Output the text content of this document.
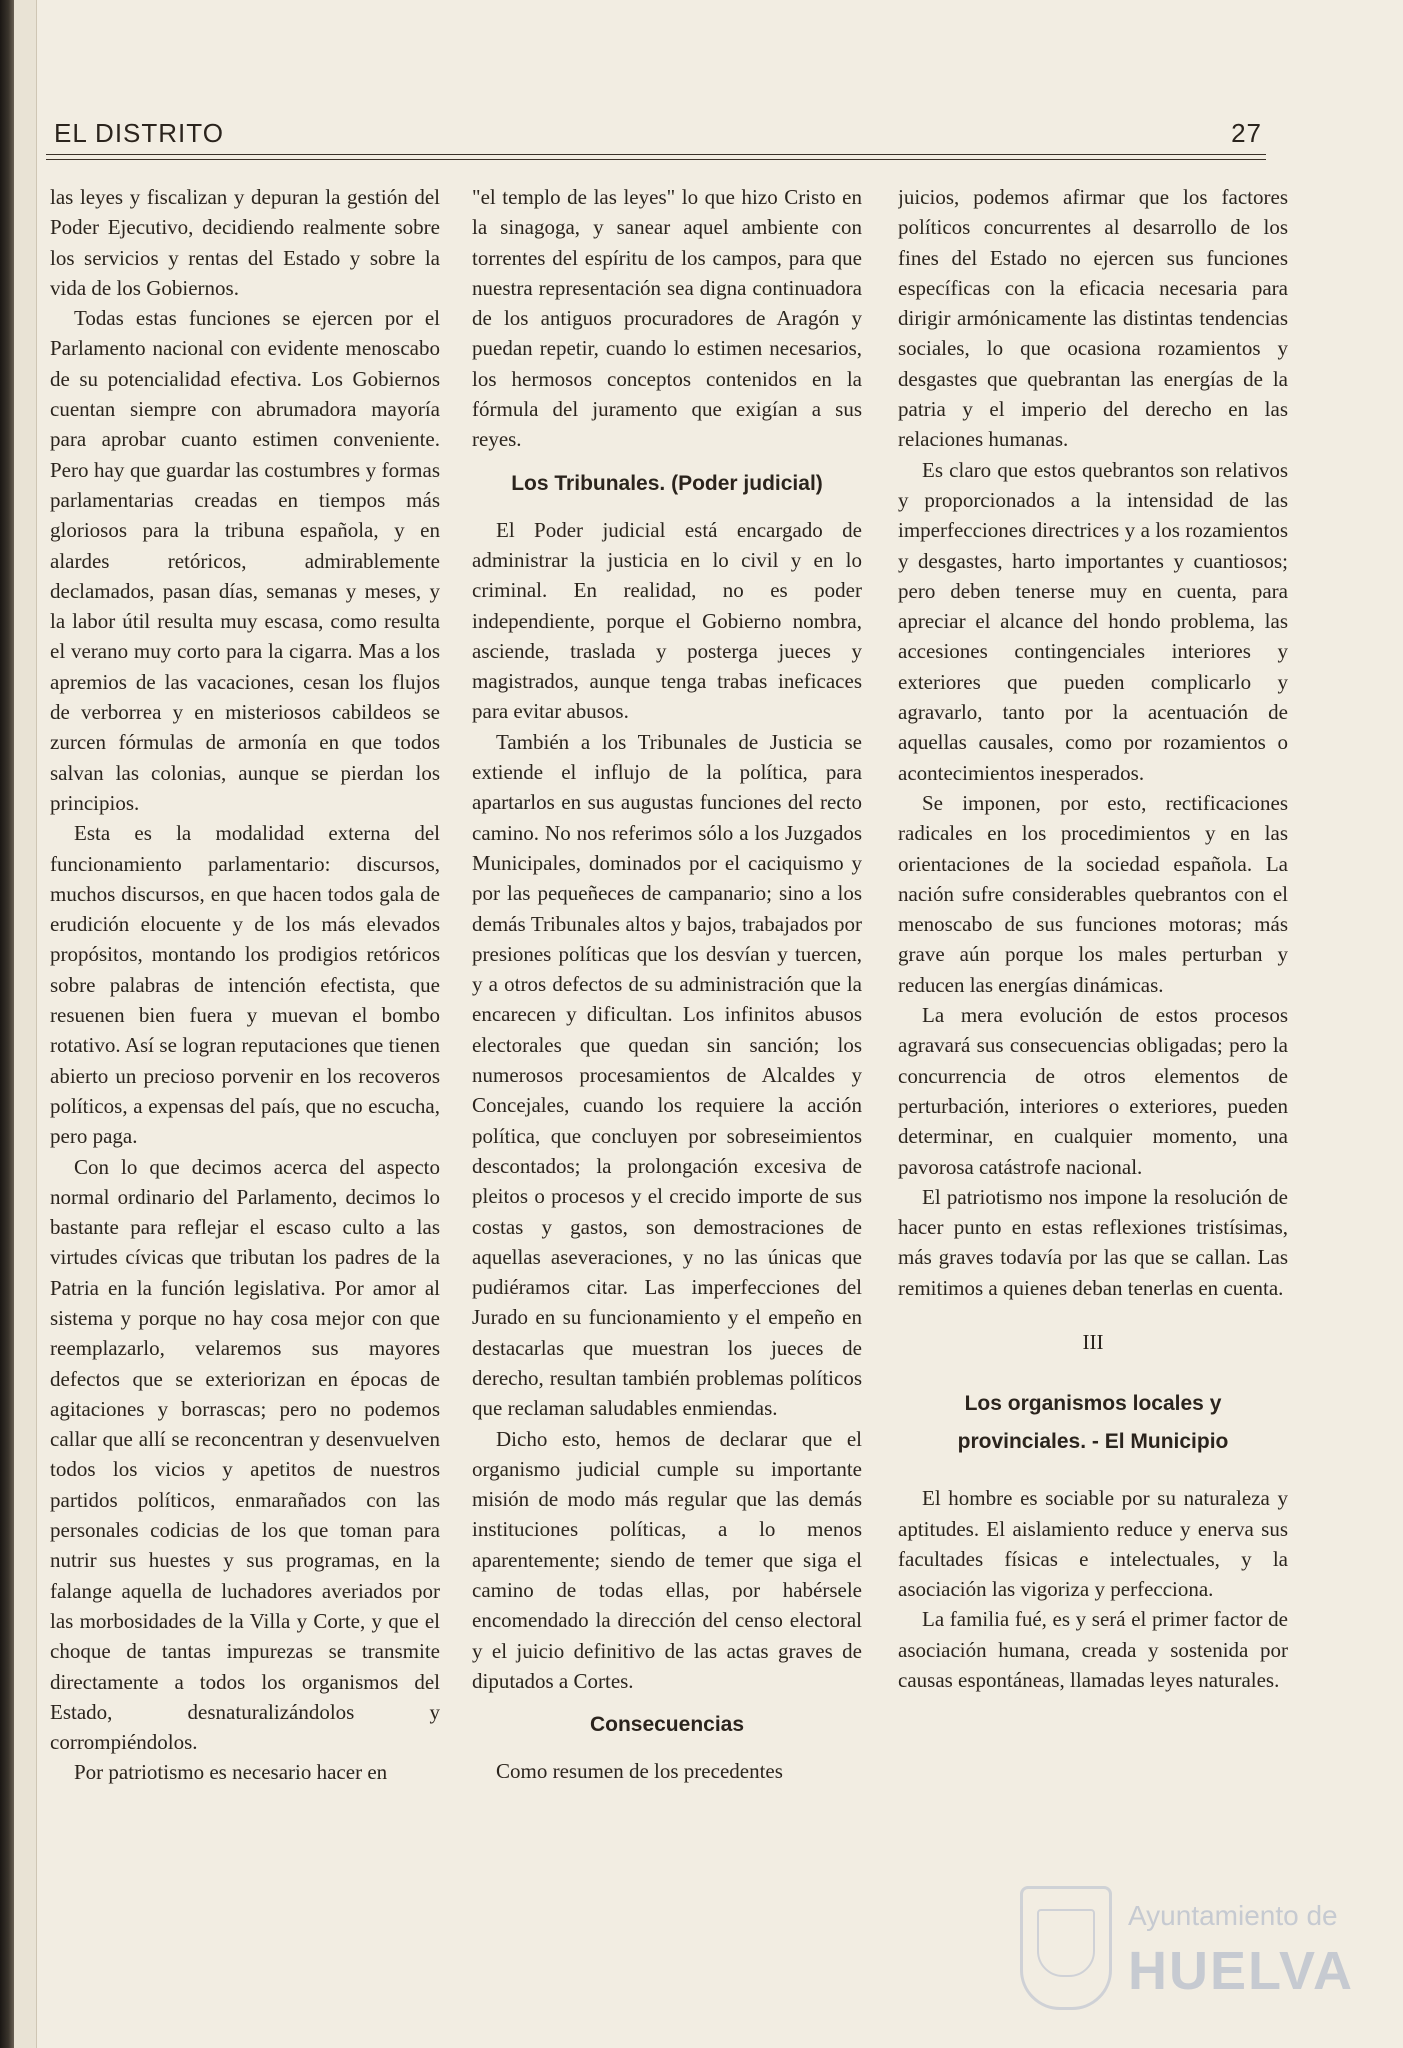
EL DISTRITO	27

las leyes y fiscalizan y depuran la gestión del Poder Ejecutivo, decidiendo realmente sobre los servicios y rentas del Estado y sobre la vida de los Gobiernos.

Todas estas funciones se ejercen por el Parlamento nacional con evidente menoscabo de su potencialidad efectiva. Los Gobiernos cuentan siempre con abrumadora mayoría para aprobar cuanto estimen conveniente. Pero hay que guardar las costumbres y formas parlamentarias creadas en tiempos más gloriosos para la tribuna española, y en alardes retóricos, admirablemente declamados, pasan días, semanas y meses, y la labor útil resulta muy escasa, como resulta el verano muy corto para la cigarra. Mas a los apremios de las vacaciones, cesan los flujos de verborrea y en misteriosos cabildeos se zurcen fórmulas de armonía en que todos salvan las colonias, aunque se pierdan los principios.

Esta es la modalidad externa del funcionamiento parlamentario: discursos, muchos discursos, en que hacen todos gala de erudición elocuente y de los más elevados propósitos, montando los prodigios retóricos sobre palabras de intención efectista, que resuenen bien fuera y muevan el bombo rotativo. Así se logran reputaciones que tienen abierto un precioso porvenir en los recoveros políticos, a expensas del país, que no escucha, pero paga.

Con lo que decimos acerca del aspecto normal ordinario del Parlamento, decimos lo bastante para reflejar el escaso culto a las virtudes cívicas que tributan los padres de la Patria en la función legislativa. Por amor al sistema y porque no hay cosa mejor con que reemplazarlo, velaremos sus mayores defectos que se exteriorizan en épocas de agitaciones y borrascas; pero no podemos callar que allí se reconcentran y desenvuelven todos los vicios y apetitos de nuestros partidos políticos, enmarañados con las personales codicias de los que toman para nutrir sus huestes y sus programas, en la falange aquella de luchadores averiados por las morbosidades de la Villa y Corte, y que el choque de tantas impurezas se transmite directamente a todos los organismos del Estado, desnaturalizándolos y corrompiéndolos.

Por patriotismo es necesario hacer en

"el templo de las leyes" lo que hizo Cristo en la sinagoga, y sanear aquel ambiente con torrentes del espíritu de los campos, para que nuestra representación sea digna continuadora de los antiguos procuradores de Aragón y puedan repetir, cuando lo estimen necesarios, los hermosos conceptos contenidos en la fórmula del juramento que exigían a sus reyes.

Los Tribunales. (Poder judicial)

El Poder judicial está encargado de administrar la justicia en lo civil y en lo criminal. En realidad, no es poder independiente, porque el Gobierno nombra, asciende, traslada y posterga jueces y magistrados, aunque tenga trabas ineficaces para evitar abusos.

También a los Tribunales de Justicia se extiende el influjo de la política, para apartarlos en sus augustas funciones del recto camino. No nos referimos sólo a los Juzgados Municipales, dominados por el caciquismo y por las pequeñeces de campanario; sino a los demás Tribunales altos y bajos, trabajados por presiones políticas que los desvían y tuercen, y a otros defectos de su administración que la encarecen y dificultan. Los infinitos abusos electorales que quedan sin sanción; los numerosos procesamientos de Alcaldes y Concejales, cuando los requiere la acción política, que concluyen por sobreseimientos descontados; la prolongación excesiva de pleitos o procesos y el crecido importe de sus costas y gastos, son demostraciones de aquellas aseveraciones, y no las únicas que pudiéramos citar. Las imperfecciones del Jurado en su funcionamiento y el empeño en destacarlas que muestran los jueces de derecho, resultan también problemas políticos que reclaman saludables enmiendas.

Dicho esto, hemos de declarar que el organismo judicial cumple su importante misión de modo más regular que las demás instituciones políticas, a lo menos aparentemente; siendo de temer que siga el camino de todas ellas, por habérsele encomendado la dirección del censo electoral y el juicio definitivo de las actas graves de diputados a Cortes.

Consecuencias

Como resumen de los precedentes

juicios, podemos afirmar que los factores políticos concurrentes al desarrollo de los fines del Estado no ejercen sus funciones específicas con la eficacia necesaria para dirigir armónicamente las distintas tendencias sociales, lo que ocasiona rozamientos y desgastes que quebrantan las energías de la patria y el imperio del derecho en las relaciones humanas.

Es claro que estos quebrantos son relativos y proporcionados a la intensidad de las imperfecciones directrices y a los rozamientos y desgastes, harto importantes y cuantiosos; pero deben tenerse muy en cuenta, para apreciar el alcance del hondo problema, las accesiones contingenciales interiores y exteriores que pueden complicarlo y agravarlo, tanto por la acentuación de aquellas causales, como por rozamientos o acontecimientos inesperados.

Se imponen, por esto, rectificaciones radicales en los procedimientos y en las orientaciones de la sociedad española. La nación sufre considerables quebrantos con el menoscabo de sus funciones motoras; más grave aún porque los males perturban y reducen las energías dinámicas.

La mera evolución de estos procesos agravará sus consecuencias obligadas; pero la concurrencia de otros elementos de perturbación, interiores o exteriores, pueden determinar, en cualquier momento, una pavorosa catástrofe nacional.

El patriotismo nos impone la resolución de hacer punto en estas reflexiones tristísimas, más graves todavía por las que se callan. Las remitimos a quienes deban tenerlas en cuenta.

III
Los organismos locales y provinciales. - El Municipio

El hombre es sociable por su naturaleza y aptitudes. El aislamiento reduce y enerva sus facultades físicas e intelectuales, y la asociación las vigoriza y perfecciona.

La familia fué, es y será el primer factor de asociación humana, creada y sostenida por causas espontáneas, llamadas leyes naturales.

Ayuntamiento de
HUELVA
